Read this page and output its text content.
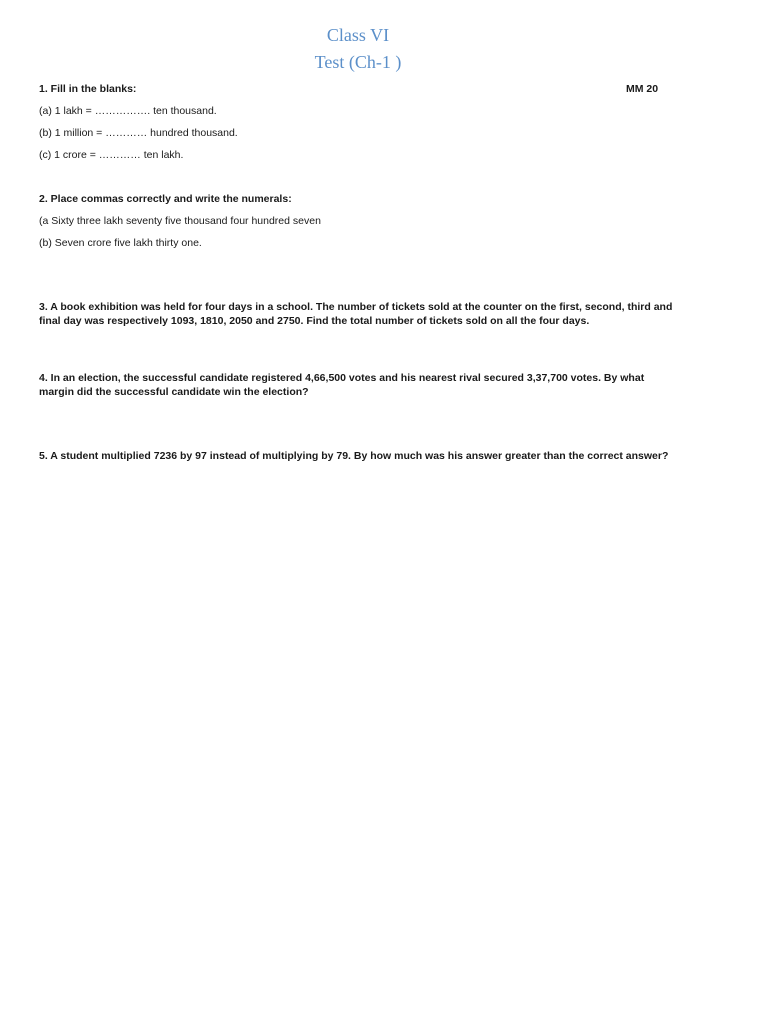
Class VI
Test (Ch-1 )
1. Fill in the blanks:	MM 20
(a) 1 lakh = ……………. ten thousand.
(b) 1 million = ………… hundred thousand.
(c) 1 crore = ………… ten lakh.
2. Place commas correctly and write the numerals:
(a Sixty three lakh seventy five thousand four hundred seven
(b) Seven crore five lakh thirty one.
3. A book exhibition was held for four days in a school. The number of tickets sold at the counter on the first, second, third and final day was respectively 1093, 1810, 2050 and 2750. Find the total number of tickets sold on all the four days.
4. In an election, the successful candidate registered 4,66,500 votes and his nearest rival secured 3,37,700 votes. By what margin did the successful candidate win the election?
5. A student multiplied 7236 by 97 instead of multiplying by 79. By how much was his answer greater than the correct answer?
